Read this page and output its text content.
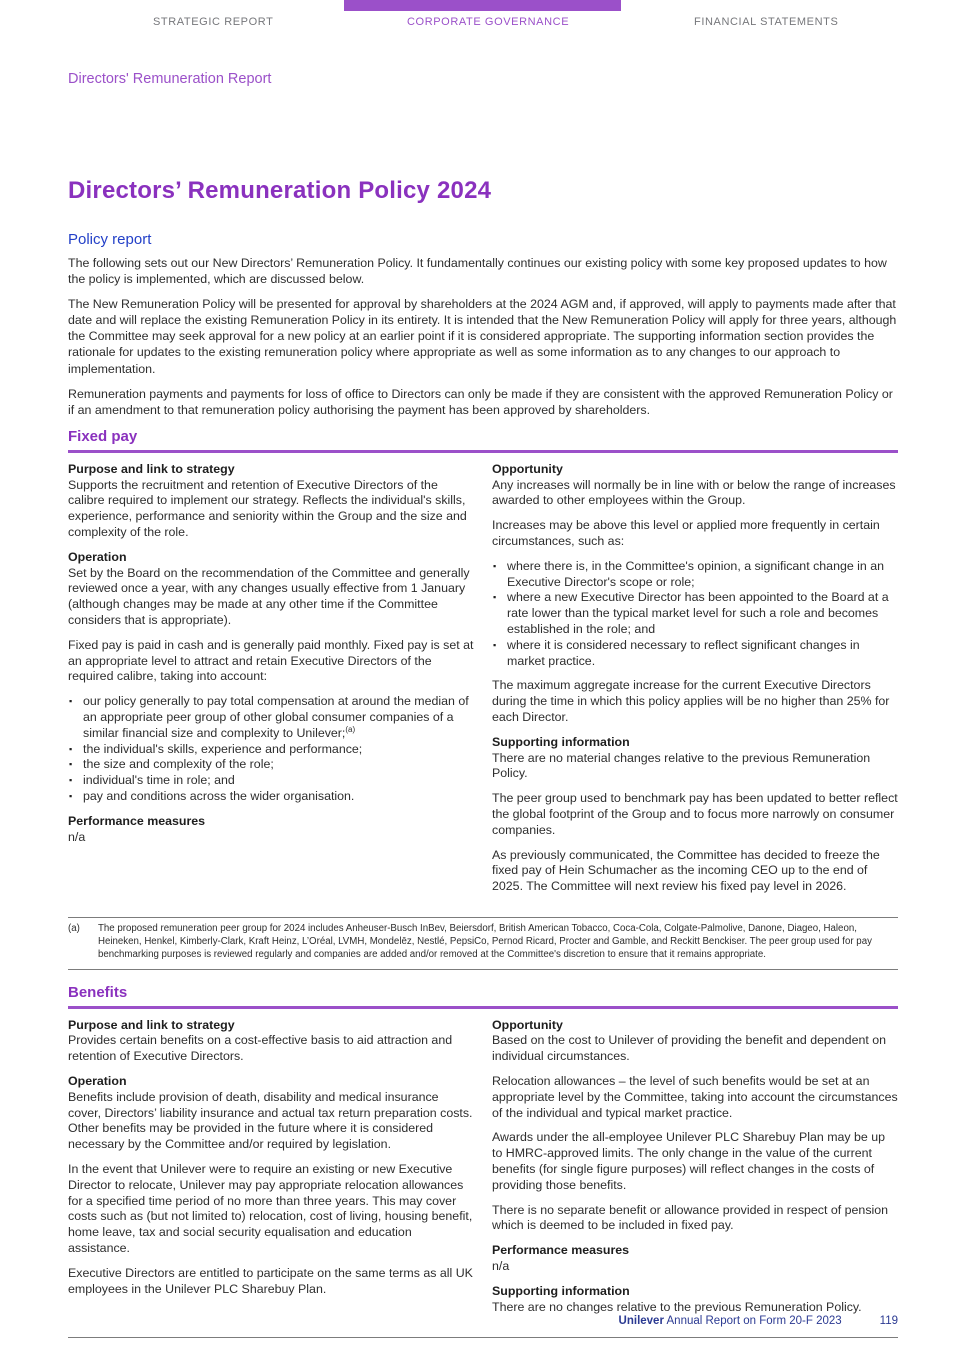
STRATEGIC REPORT	CORPORATE GOVERNANCE	FINANCIAL STATEMENTS
Directors' Remuneration Report
Directors’ Remuneration Policy 2024
Policy report
The following sets out our New Directors’ Remuneration Policy. It fundamentally continues our existing policy with some key proposed updates to how the policy is implemented, which are discussed below.
The New Remuneration Policy will be presented for approval by shareholders at the 2024 AGM and, if approved, will apply to payments made after that date and will replace the existing Remuneration Policy in its entirety. It is intended that the New Remuneration Policy will apply for three years, although the Committee may seek approval for a new policy at an earlier point if it is considered appropriate. The supporting information section provides the rationale for updates to the existing remuneration policy where appropriate as well as some information as to any changes to our approach to implementation.
Remuneration payments and payments for loss of office to Directors can only be made if they are consistent with the approved Remuneration Policy or if an amendment to that remuneration policy authorising the payment has been approved by shareholders.
Fixed pay
Purpose and link to strategy
Supports the recruitment and retention of Executive Directors of the calibre required to implement our strategy. Reflects the individual's skills, experience, performance and seniority within the Group and the size and complexity of the role.
Operation
Set by the Board on the recommendation of the Committee and generally reviewed once a year, with any changes usually effective from 1 January (although changes may be made at any other time if the Committee considers that is appropriate).
Fixed pay is paid in cash and is generally paid monthly. Fixed pay is set at an appropriate level to attract and retain Executive Directors of the required calibre, taking into account:
▪ our policy generally to pay total compensation at around the median of an appropriate peer group of other global consumer companies of a similar financial size and complexity to Unilever;$^{(a)}$
▪ the individual's skills, experience and performance;
▪ the size and complexity of the role;
▪ individual's time in role; and
▪ pay and conditions across the wider organisation.
Performance measures
n/a
Opportunity
Any increases will normally be in line with or below the range of increases awarded to other employees within the Group.
Increases may be above this level or applied more frequently in certain circumstances, such as:
▪ where there is, in the Committee's opinion, a significant change in an Executive Director's scope or role;
▪ where a new Executive Director has been appointed to the Board at a rate lower than the typical market level for such a role and becomes established in the role; and
▪ where it is considered necessary to reflect significant changes in market practice.
The maximum aggregate increase for the current Executive Directors during the time in which this policy applies will be no higher than 25% for each Director.
Supporting information
There are no material changes relative to the previous Remuneration Policy.
The peer group used to benchmark pay has been updated to better reflect the global footprint of the Group and to focus more narrowly on consumer companies.
As previously communicated, the Committee has decided to freeze the fixed pay of Hein Schumacher as the incoming CEO up to the end of 2025. The Committee will next review his fixed pay level in 2026.
(a)	The proposed remuneration peer group for 2024 includes Anheuser-Busch InBev, Beiersdorf, British American Tobacco, Coca-Cola, Colgate-Palmolive, Danone, Diageo, Haleon, Heineken, Henkel, Kimberly-Clark, Kraft Heinz, L’Oréal, LVMH, Mondelēz, Nestlé, PepsiCo, Pernod Ricard, Procter and Gamble, and Reckitt Benckiser. The peer group used for pay benchmarking purposes is reviewed regularly and companies are added and/or removed at the Committee's discretion to ensure that it remains appropriate.
Benefits
Purpose and link to strategy
Provides certain benefits on a cost-effective basis to aid attraction and retention of Executive Directors.
Operation
Benefits include provision of death, disability and medical insurance cover, Directors’ liability insurance and actual tax return preparation costs. Other benefits may be provided in the future where it is considered necessary by the Committee and/or required by legislation.
In the event that Unilever were to require an existing or new Executive Director to relocate, Unilever may pay appropriate relocation allowances for a specified time period of no more than three years. This may cover costs such as (but not limited to) relocation, cost of living, housing benefit, home leave, tax and social security equalisation and education assistance.
Executive Directors are entitled to participate on the same terms as all UK employees in the Unilever PLC Sharebuy Plan.
Opportunity
Based on the cost to Unilever of providing the benefit and dependent on individual circumstances.
Relocation allowances – the level of such benefits would be set at an appropriate level by the Committee, taking into account the circumstances of the individual and typical market practice.
Awards under the all-employee Unilever PLC Sharebuy Plan may be up to HMRC-approved limits. The only change in the value of the current benefits (for single figure purposes) will reflect changes in the costs of providing those benefits.
There is no separate benefit or allowance provided in respect of pension which is deemed to be included in fixed pay.
Performance measures
n/a
Supporting information
There are no changes relative to the previous Remuneration Policy.
Unilever Annual Report on Form 20-F 2023	119
